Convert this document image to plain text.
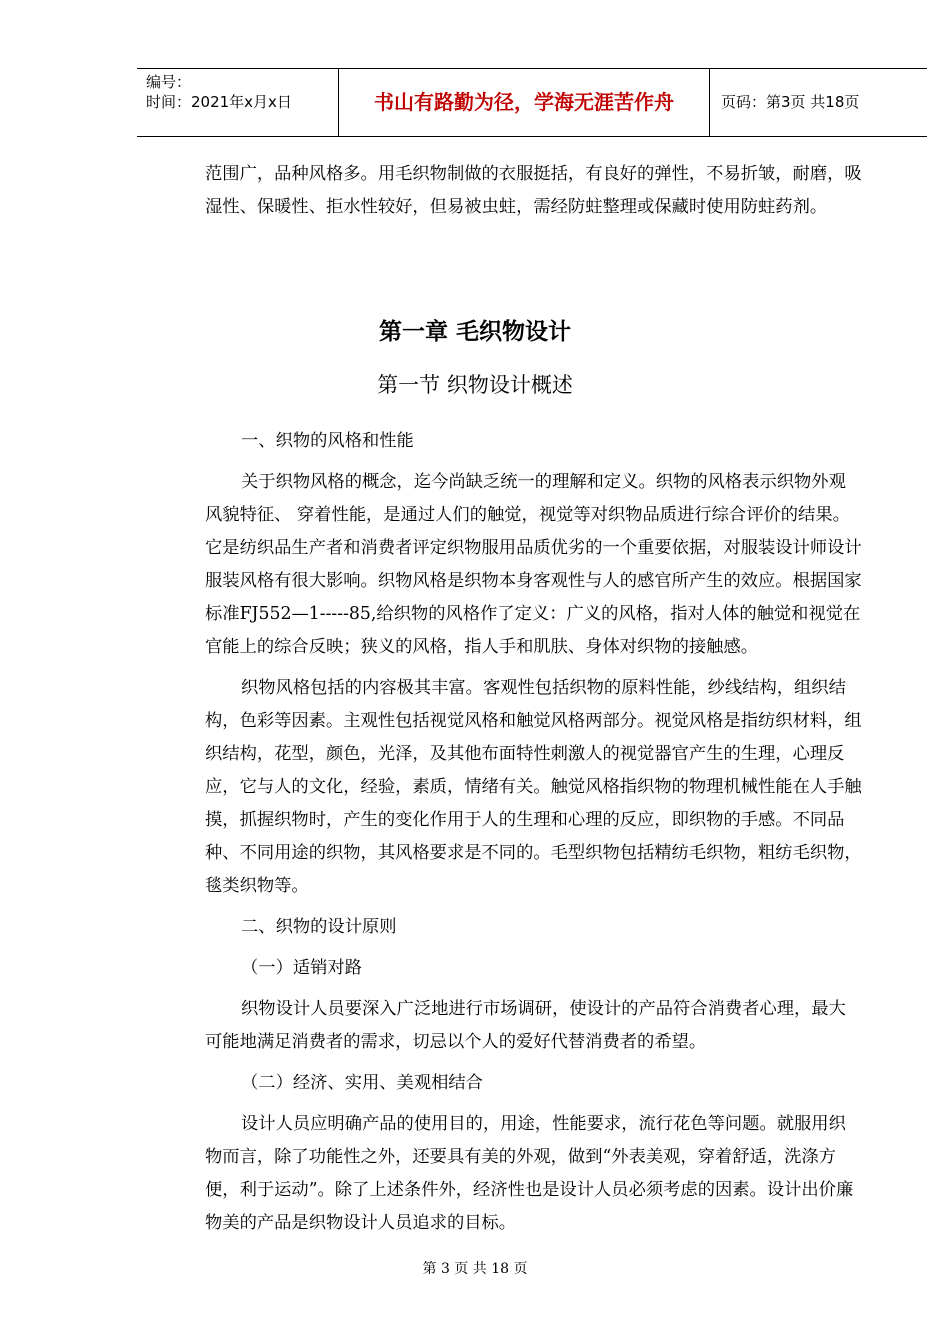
编号：
时间：2021年x月x日	书山有路勤为径，学海无涯苦作舟	页码：第3页 共18页

范围广，品种风格多。用毛织物制做的衣服挺括，有良好的弹性，不易折皱，耐磨，吸湿性、保暖性、拒水性较好，但易被虫蛀，需经防蛀整理或保藏时使用防蛀药剂。

第一章 毛织物设计
第一节 织物设计概述

一、织物的风格和性能

关于织物风格的概念，迄今尚缺乏统一的理解和定义。织物的风格表示织物外观风貌特征、 穿着性能，是通过人们的触觉，视觉等对织物品质进行综合评价的结果。它是纺织品生产者和消费者评定织物服用品质优劣的一个重要依据，对服装设计师设计服装风格有很大影响。织物风格是织物本身客观性与人的感官所产生的效应。根据国家标准FJ552—1-----85,给织物的风格作了定义：广义的风格，指对人体的触觉和视觉在官能上的综合反映；狭义的风格，指人手和肌肤、身体对织物的接触感。

织物风格包括的内容极其丰富。客观性包括织物的原料性能，纱线结构，组织结构，色彩等因素。主观性包括视觉风格和触觉风格两部分。视觉风格是指纺织材料，组织结构，花型，颜色，光泽，及其他布面特性刺激人的视觉器官产生的生理，心理反应，它与人的文化，经验，素质，情绪有关。触觉风格指织物的物理机械性能在人手触摸，抓握织物时，产生的变化作用于人的生理和心理的反应，即织物的手感。不同品种、不同用途的织物，其风格要求是不同的。毛型织物包括精纺毛织物，粗纺毛织物，毯类织物等。

二、织物的设计原则

（一）适销对路

织物设计人员要深入广泛地进行市场调研，使设计的产品符合消费者心理，最大可能地满足消费者的需求，切忌以个人的爱好代替消费者的希望。

（二）经济、实用、美观相结合

设计人员应明确产品的使用目的，用途，性能要求，流行花色等问题。就服用织物而言，除了功能性之外，还要具有美的外观，做到“外表美观，穿着舒适，洗涤方便，利于运动”。除了上述条件外，经济性也是设计人员必须考虑的因素。设计出价廉物美的产品是织物设计人员追求的目标。

第 3 页 共 18 页
